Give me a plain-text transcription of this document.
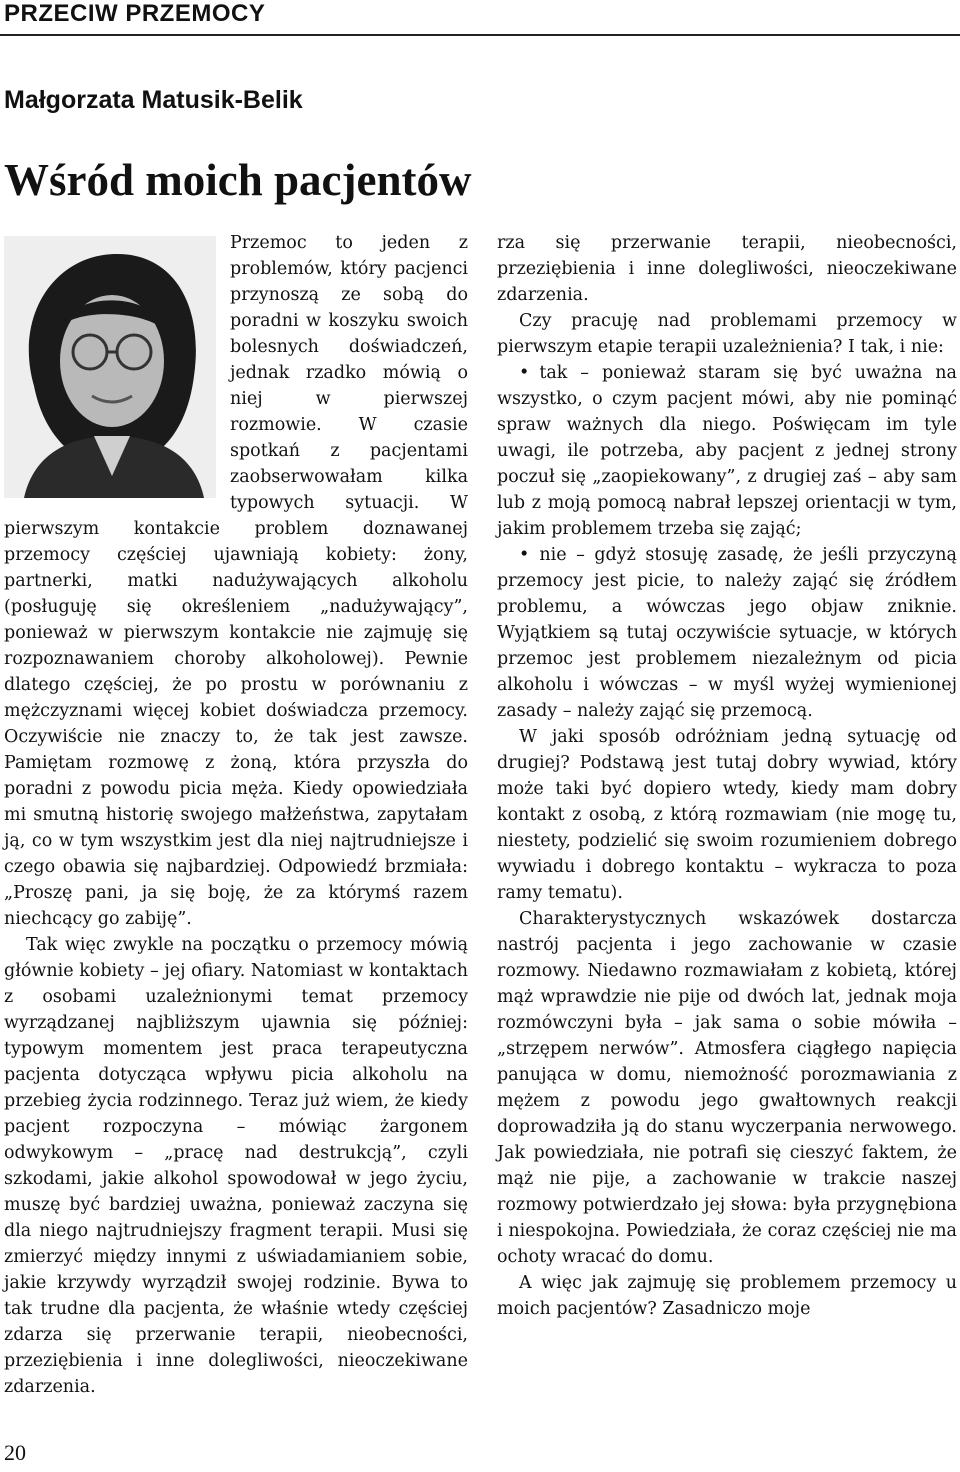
PRZECIW PRZEMOCY
Małgorzata Matusik-Belik
Wśród moich pacjentów

Przemoc to jeden z problemów, który pacjenci przynoszą ze sobą do poradni w koszyku swoich bolesnych doświadczeń, jednak rzadko mówią o niej w pierwszej rozmowie. W czasie spotkań z pacjentami zaobserwowałam kilka typowych sytuacji. W pierwszym kontakcie problem doznawanej przemocy częściej ujawniają kobiety: żony, partnerki, matki nadużywających alkoholu (posługuję się określeniem „nadużywający”, ponieważ w pierwszym kontakcie nie zajmuję się rozpoznawaniem choroby alkoholowej). Pewnie dlatego częściej, że po prostu w porównaniu z mężczyznami więcej kobiet doświadcza przemocy. Oczywiście nie znaczy to, że tak jest zawsze. Pamiętam rozmowę z żoną, która przyszła do poradni z powodu picia męża. Kiedy opowiedziała mi smutną historię swojego małżeństwa, zapytałam ją, co w tym wszystkim jest dla niej najtrudniejsze i czego obawia się najbardziej. Odpowiedź brzmiała: „Proszę pani, ja się boję, że za którymś razem niechcący go zabiję”.

Tak więc zwykle na początku o przemocy mówią głównie kobiety – jej ofiary. Natomiast w kontaktach z osobami uzależnionymi temat przemocy wyrządzanej najbliższym ujawnia się później: typowym momentem jest praca terapeutyczna pacjenta dotycząca wpływu picia alkoholu na przebieg życia rodzinnego. Teraz już wiem, że kiedy pacjent rozpoczyna – mówiąc żargonem odwykowym – „pracę nad destrukcją”, czyli szkodami, jakie alkohol spowodował w jego życiu, muszę być bardziej uważna, ponieważ zaczyna się dla niego najtrudniejszy fragment terapii. Musi się zmierzyć między innymi z uświadamianiem sobie, jakie krzywdy wyrządził swojej rodzinie. Bywa to tak trudne dla pacjenta, że właśnie wtedy częściej zdarza się przerwanie terapii, nieobecności, przeziębienia i inne dolegliwości, nieoczekiwane zdarzenia.

rza się przerwanie terapii, nieobecności, przeziębienia i inne dolegliwości, nieoczekiwane zdarzenia.

Czy pracuję nad problemami przemocy w pierwszym etapie terapii uzależnienia? I tak, i nie:

• tak – ponieważ staram się być uważna na wszystko, o czym pacjent mówi, aby nie pominąć spraw ważnych dla niego. Poświęcam im tyle uwagi, ile potrzeba, aby pacjent z jednej strony poczuł się „zaopiekowany”, z drugiej zaś – aby sam lub z moją pomocą nabrał lepszej orientacji w tym, jakim problemem trzeba się zająć;
• nie – gdyż stosuję zasadę, że jeśli przyczyną przemocy jest picie, to należy zająć się źródłem problemu, a wówczas jego objaw zniknie. Wyjątkiem są tutaj oczywiście sytuacje, w których przemoc jest problemem niezależnym od picia alkoholu i wówczas – w myśl wyżej wymienionej zasady – należy zająć się przemocą.

W jaki sposób odróżniam jedną sytuację od drugiej? Podstawą jest tutaj dobry wywiad, który może taki być dopiero wtedy, kiedy mam dobry kontakt z osobą, z którą rozmawiam (nie mogę tu, niestety, podzielić się swoim rozumieniem dobrego wywiadu i dobrego kontaktu – wykracza to poza ramy tematu).

Charakterystycznych wskazówek dostarcza nastrój pacjenta i jego zachowanie w czasie rozmowy. Niedawno rozmawiałam z kobietą, której mąż wprawdzie nie pije od dwóch lat, jednak moja rozmówczyni była – jak sama o sobie mówiła – „strzępem nerwów”. Atmosfera ciągłego napięcia panująca w domu, niemożność porozmawiania z mężem z powodu jego gwałtownych reakcji doprowadziła ją do stanu wyczerpania nerwowego. Jak powiedziała, nie potrafi się cieszyć faktem, że mąż nie pije, a zachowanie w trakcie naszej rozmowy potwierdzało jej słowa: była przygnębiona i niespokojna. Powiedziała, że coraz częściej nie ma ochoty wracać do domu.

A więc jak zajmuję się problemem przemocy u moich pacjentów? Zasadniczo moje

20
